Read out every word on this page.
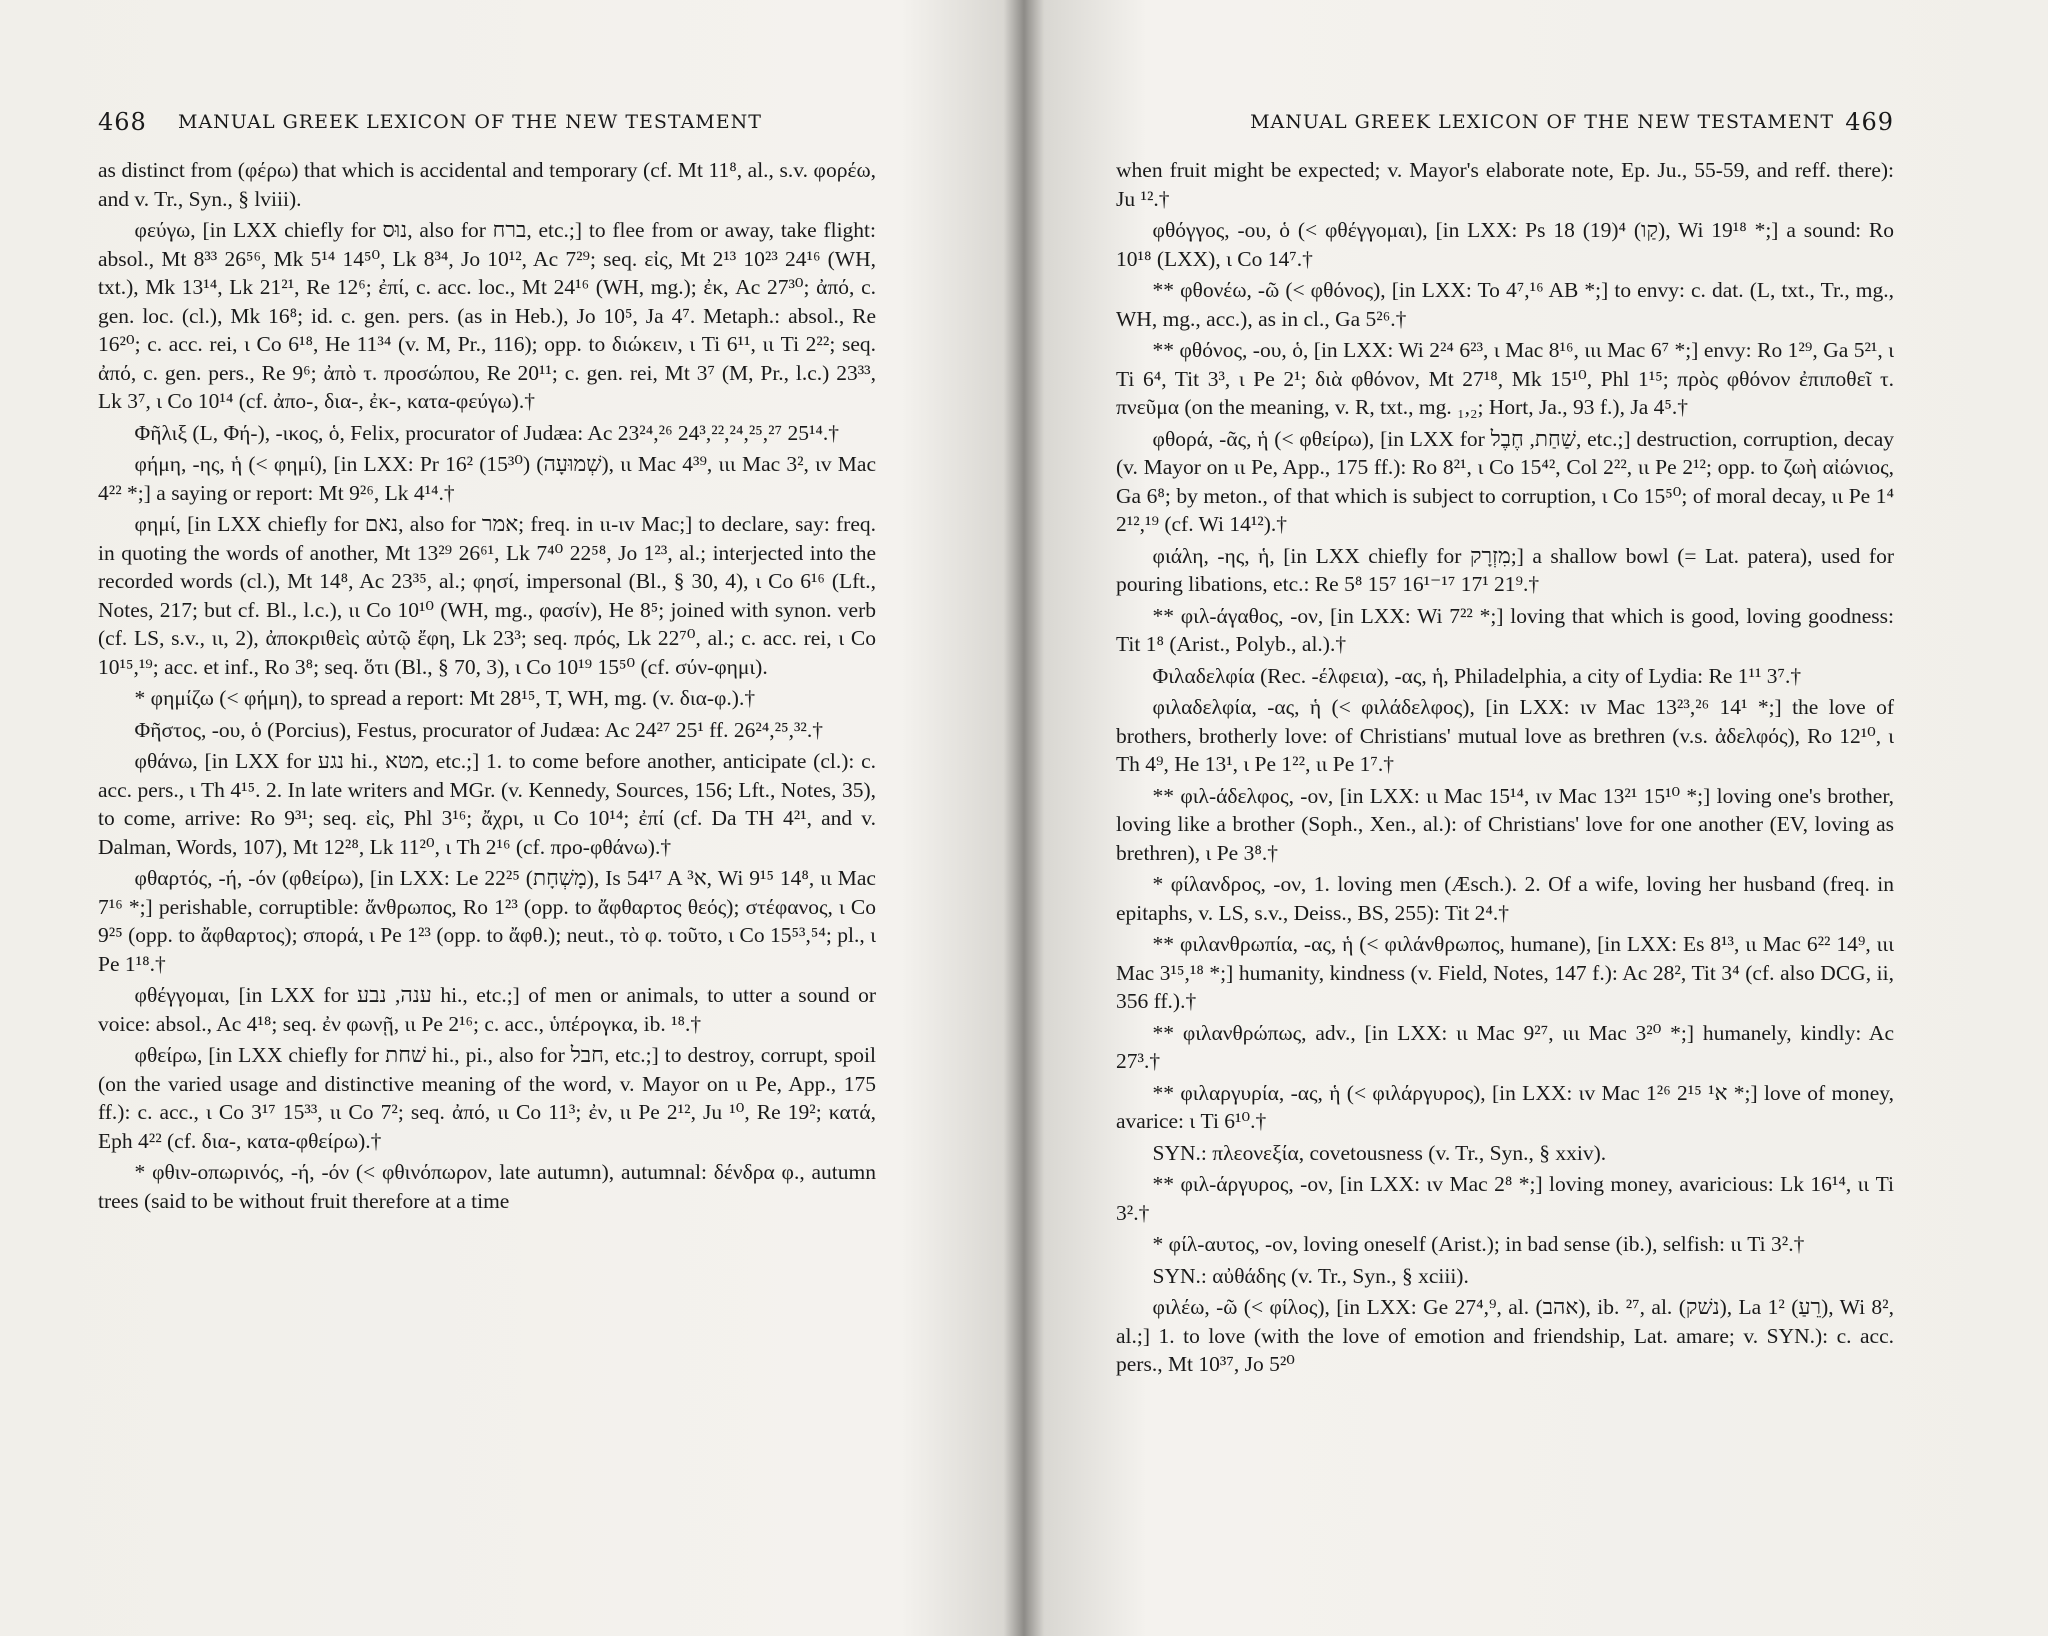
468 MANUAL GREEK LEXICON OF THE NEW TESTAMENT

as distinct from (φέρω) that which is accidental and temporary (cf. Mt 11⁸, al., s.v. φορέω, and v. Tr., Syn., § lviii).

φεύγω, [in LXX chiefly for נוּס, also for ברח, etc.;] to flee from or away, take flight: absol., Mt 8³³ 26⁵⁶, Mk 5¹⁴ 14⁵⁰, Lk 8³⁴, Jo 10¹², Ac 7²⁹; seq. εἰς, Mt 2¹³ 10²³ 24¹⁶ (WH, txt.), Mk 13¹⁴, Lk 21²¹, Re 12⁶; ἐπί, c. acc. loc., Mt 24¹⁶ (WH, mg.); ἐκ, Ac 27³⁰; ἀπό, c. gen. loc. (cl.), Mk 16⁸; id. c. gen. pers. (as in Heb.), Jo 10⁵, Ja 4⁷. Metaph.: absol., Re 16²⁰; c. acc. rei, ι Co 6¹⁸, He 11³⁴ (v. M, Pr., 116); opp. to διώκειν, ι Ti 6¹¹, ιι Ti 2²²; seq. ἀπό, c. gen. pers., Re 9⁶; ἀπὸ τ. προσώπου, Re 20¹¹; c. gen. rei, Mt 3⁷ (M, Pr., l.c.) 23³³, Lk 3⁷, ι Co 10¹⁴ (cf. ἀπο-, δια-, ἐκ-, κατα-φεύγω).†

Φῆλιξ (L, Φή-), -ικος, ὁ, Felix, procurator of Judæa: Ac 23²⁴,²⁶ 24³,²²,²⁴,²⁵,²⁷ 25¹⁴.†

φήμη, -ης, ἡ (< φημί), [in LXX: Pr 16² (15³⁰) (שְׁמוּעָה), ιι Mac 4³⁹, ιιι Mac 3², ιv Mac 4²² *;] a saying or report: Mt 9²⁶, Lk 4¹⁴.†

φημί, [in LXX chiefly for נאם, also for אמר; freq. in ιι-ιv Mac;] to declare, say: freq. in quoting the words of another, Mt 13²⁹ 26⁶¹, Lk 7⁴⁰ 22⁵⁸, Jo 1²³, al.; interjected into the recorded words (cl.), Mt 14⁸, Ac 23³⁵, al.; φησί, impersonal (Bl., § 30, 4), ι Co 6¹⁶ (Lft., Notes, 217; but cf. Bl., l.c.), ιι Co 10¹⁰ (WH, mg., φασίν), He 8⁵; joined with synon. verb (cf. LS, s.v., ιι, 2), ἀποκριθεὶς αὐτῷ ἔφη, Lk 23³; seq. πρός, Lk 22⁷⁰, al.; c. acc. rei, ι Co 10¹⁵,¹⁹; acc. et inf., Ro 3⁸; seq. ὅτι (Bl., § 70, 3), ι Co 10¹⁹ 15⁵⁰ (cf. σύν-φημι).

* φημίζω (< φήμη), to spread a report: Mt 28¹⁵, T, WH, mg. (v. δια-φ.).†

Φῆστος, -ου, ὁ (Porcius), Festus, procurator of Judæa: Ac 24²⁷ 25¹ ff. 26²⁴,²⁵,³².†

φθάνω, [in LXX for נגע hi., מטא, etc.;] 1. to come before another, anticipate (cl.): c. acc. pers., ι Th 4¹⁵. 2. In late writers and MGr. (v. Kennedy, Sources, 156; Lft., Notes, 35), to come, arrive: Ro 9³¹; seq. εἰς, Phl 3¹⁶; ἄχρι, ιι Co 10¹⁴; ἐπί (cf. Da TH 4²¹, and v. Dalman, Words, 107), Mt 12²⁸, Lk 11²⁰, ι Th 2¹⁶ (cf. προ-φθάνω).†

φθαρτός, -ή, -όν (φθείρω), [in LXX: Le 22²⁵ (מָשְׁחָת), Is 54¹⁷ A א³, Wi 9¹⁵ 14⁸, ιι Mac 7¹⁶ *;] perishable, corruptible: ἄνθρωπος, Ro 1²³ (opp. to ἄφθαρτος θεός); στέφανος, ι Co 9²⁵ (opp. to ἄφθαρτος); σπορά, ι Pe 1²³ (opp. to ἄφθ.); neut., τὸ φ. τοῦτο, ι Co 15⁵³,⁵⁴; pl., ι Pe 1¹⁸.†

φθέγγομαι, [in LXX for ענה, נבע hi., etc.;] of men or animals, to utter a sound or voice: absol., Ac 4¹⁸; seq. ἐν φωνῇ, ιι Pe 2¹⁶; c. acc., ὑπέρογκα, ib. ¹⁸.†

φθείρω, [in LXX chiefly for שׁחת hi., pi., also for חבל, etc.;] to destroy, corrupt, spoil (on the varied usage and distinctive meaning of the word, v. Mayor on ιι Pe, App., 175 ff.): c. acc., ι Co 3¹⁷ 15³³, ιι Co 7²; seq. ἀπό, ιι Co 11³; ἐν, ιι Pe 2¹², Ju ¹⁰, Re 19²; κατά, Eph 4²² (cf. δια-, κατα-φθείρω).†

* φθιν-οπωρινός, -ή, -όν (< φθινόπωρον, late autumn), autumnal: δένδρα φ., autumn trees (said to be without fruit therefore at a time

MANUAL GREEK LEXICON OF THE NEW TESTAMENT 469

when fruit might be expected; v. Mayor's elaborate note, Ep. Ju., 55-59, and reff. there): Ju ¹².†

φθόγγος, -ου, ὁ (< φθέγγομαι), [in LXX: Ps 18 (19)⁴ (קַו), Wi 19¹⁸ *;] a sound: Ro 10¹⁸ (LXX), ι Co 14⁷.†

** φθονέω, -ῶ (< φθόνος), [in LXX: To 4⁷,¹⁶ AB *;] to envy: c. dat. (L, txt., Tr., mg., WH, mg., acc.), as in cl., Ga 5²⁶.†

** φθόνος, -ου, ὁ, [in LXX: Wi 2²⁴ 6²³, ι Mac 8¹⁶, ιιι Mac 6⁷ *;] envy: Ro 1²⁹, Ga 5²¹, ι Ti 6⁴, Tit 3³, ι Pe 2¹; διὰ φθόνον, Mt 27¹⁸, Mk 15¹⁰, Phl 1¹⁵; πρὸς φθόνον ἐπιποθεῖ τ. πνεῦμα (on the meaning, v. R, txt., mg. ₁,₂; Hort, Ja., 93 f.), Ja 4⁵.†

φθορά, -ᾶς, ἡ (< φθείρω), [in LXX for שַׁחַת, חֶבֶל, etc.;] destruction, corruption, decay (v. Mayor on ιι Pe, App., 175 ff.): Ro 8²¹, ι Co 15⁴², Col 2²², ιι Pe 2¹²; opp. to ζωὴ αἰώνιος, Ga 6⁸; by meton., of that which is subject to corruption, ι Co 15⁵⁰; of moral decay, ιι Pe 1⁴ 2¹²,¹⁹ (cf. Wi 14¹²).†

φιάλη, -ης, ἡ, [in LXX chiefly for מִזְרָק;] a shallow bowl (= Lat. patera), used for pouring libations, etc.: Re 5⁸ 15⁷ 16¹⁻¹⁷ 17¹ 21⁹.†

** φιλ-άγαθος, -ον, [in LXX: Wi 7²² *;] loving that which is good, loving goodness: Tit 1⁸ (Arist., Polyb., al.).†

Φιλαδελφία (Rec. -έλφεια), -ας, ἡ, Philadelphia, a city of Lydia: Re 1¹¹ 3⁷.†

φιλαδελφία, -ας, ἡ (< φιλάδελφος), [in LXX: ιv Mac 13²³,²⁶ 14¹ *;] the love of brothers, brotherly love: of Christians' mutual love as brethren (v.s. ἀδελφός), Ro 12¹⁰, ι Th 4⁹, He 13¹, ι Pe 1²², ιι Pe 1⁷.†

** φιλ-άδελφος, -ον, [in LXX: ιι Mac 15¹⁴, ιv Mac 13²¹ 15¹⁰ *;] loving one's brother, loving like a brother (Soph., Xen., al.): of Christians' love for one another (EV, loving as brethren), ι Pe 3⁸.†

* φίλανδρος, -ον, 1. loving men (Æsch.). 2. Of a wife, loving her husband (freq. in epitaphs, v. LS, s.v., Deiss., BS, 255): Tit 2⁴.†

** φιλανθρωπία, -ας, ἡ (< φιλάνθρωπος, humane), [in LXX: Es 8¹³, ιι Mac 6²² 14⁹, ιιι Mac 3¹⁵,¹⁸ *;] humanity, kindness (v. Field, Notes, 147 f.): Ac 28², Tit 3⁴ (cf. also DCG, ii, 356 ff.).†

** φιλανθρώπως, adv., [in LXX: ιι Mac 9²⁷, ιιι Mac 3²⁰ *;] humanely, kindly: Ac 27³.†

** φιλαργυρία, -ας, ἡ (< φιλάργυρος), [in LXX: ιv Mac 1²⁶ 2¹⁵ א¹ *;] love of money, avarice: ι Ti 6¹⁰.†

SYN.: πλεονεξία, covetousness (v. Tr., Syn., § xxiv).

** φιλ-άργυρος, -ον, [in LXX: ιv Mac 2⁸ *;] loving money, avaricious: Lk 16¹⁴, ιι Ti 3².†

* φίλ-αυτος, -ον, loving oneself (Arist.); in bad sense (ib.), selfish: ιι Ti 3².†

SYN.: αὐθάδης (v. Tr., Syn., § xciii).

φιλέω, -ῶ (< φίλος), [in LXX: Ge 27⁴,⁹, al. (אהב), ib. ²⁷, al. (נשׁק), La 1² (רֵעַ), Wi 8², al.;] 1. to love (with the love of emotion and friendship, Lat. amare; v. SYN.): c. acc. pers., Mt 10³⁷, Jo 5²⁰
